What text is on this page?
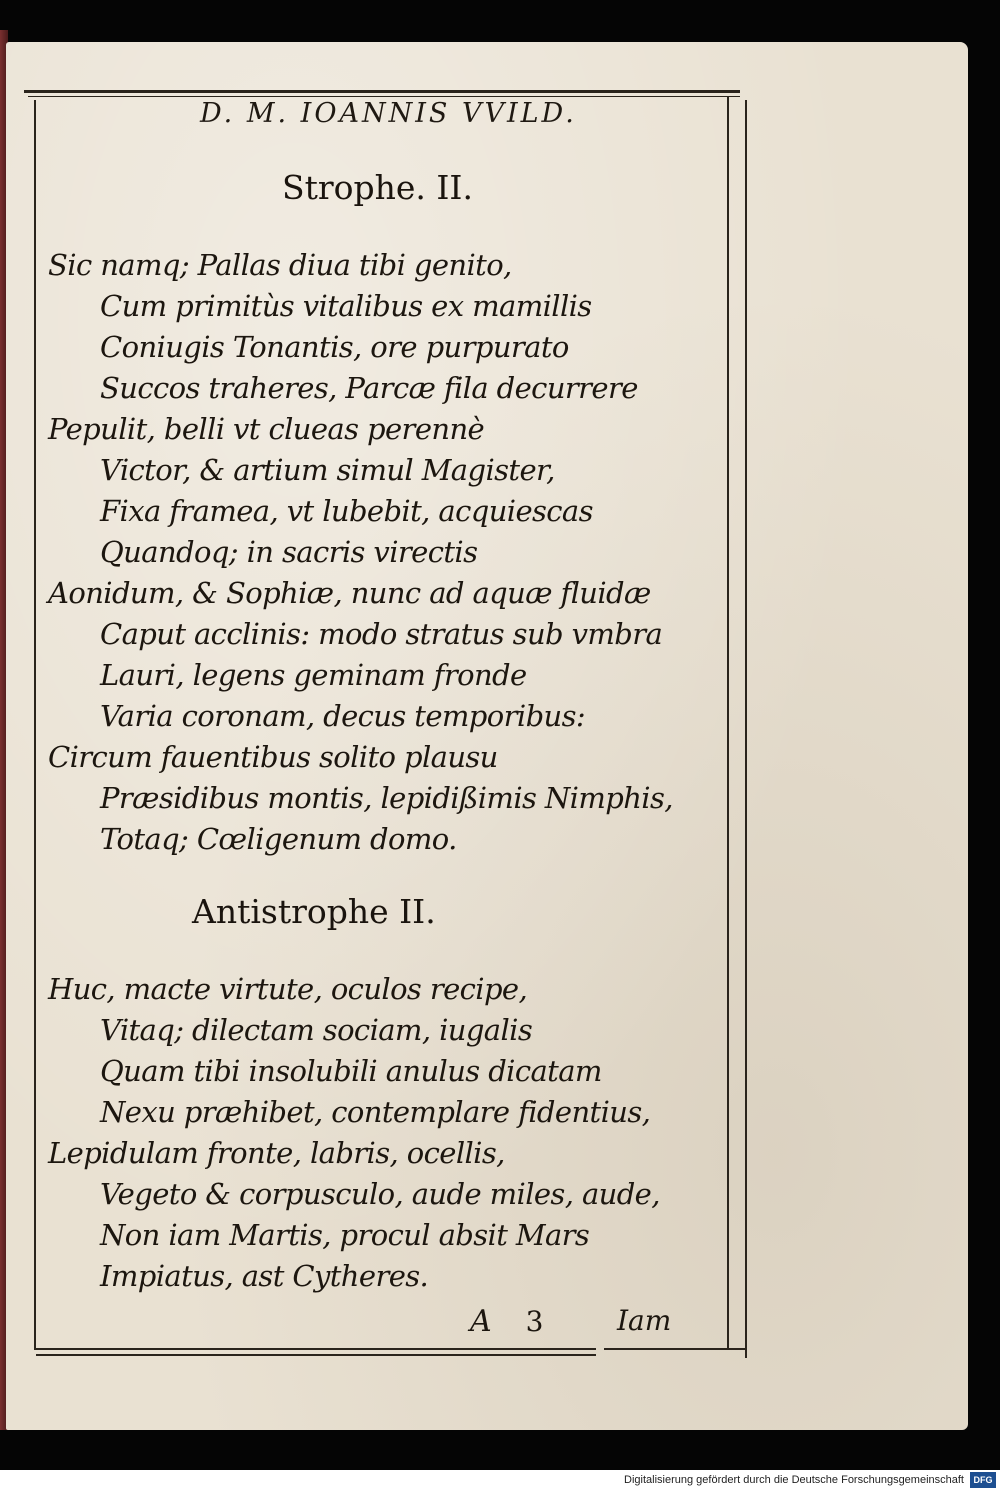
D. M. IOANNIS VVILD.
Strophe. II.
Sic namq; Pallas diua tibi genito,
Cum primitùs vitalibus ex mamillis
Coniugis Tonantis, ore purpurato
Succos traheres, Parcæ fila decurrere
Pepulit, belli vt clueas perennè
Victor, & artium simul Magister,
Fixa framea, vt lubebit, acquiescas
Quandoq; in sacris virectis
Aonidum, & Sophiæ, nunc ad aquæ fluidæ
Caput acclinis: modo stratus sub vmbra
Lauri, legens geminam fronde
Varia coronam, decus temporibus:
Circum fauentibus solito plausu
Præsidibus montis, lepidißimis Nimphis,
Totaq; Cœligenum domo.
Antistrophe II.
Huc, macte virtute, oculos recipe,
Vitaq; dilectam sociam, iugalis
Quam tibi insolubili anulus dicatam
Nexu præhibet, contemplare fidentius,
Lepidulam fronte, labris, ocellis,
Vegeto & corpusculo, aude miles, aude,
Non iam Martis, procul absit Mars
Impiatus, ast Cytheres.
A 3	Iam
Digitalisierung gefördert durch die Deutsche Forschungsgemeinschaft	DFG
